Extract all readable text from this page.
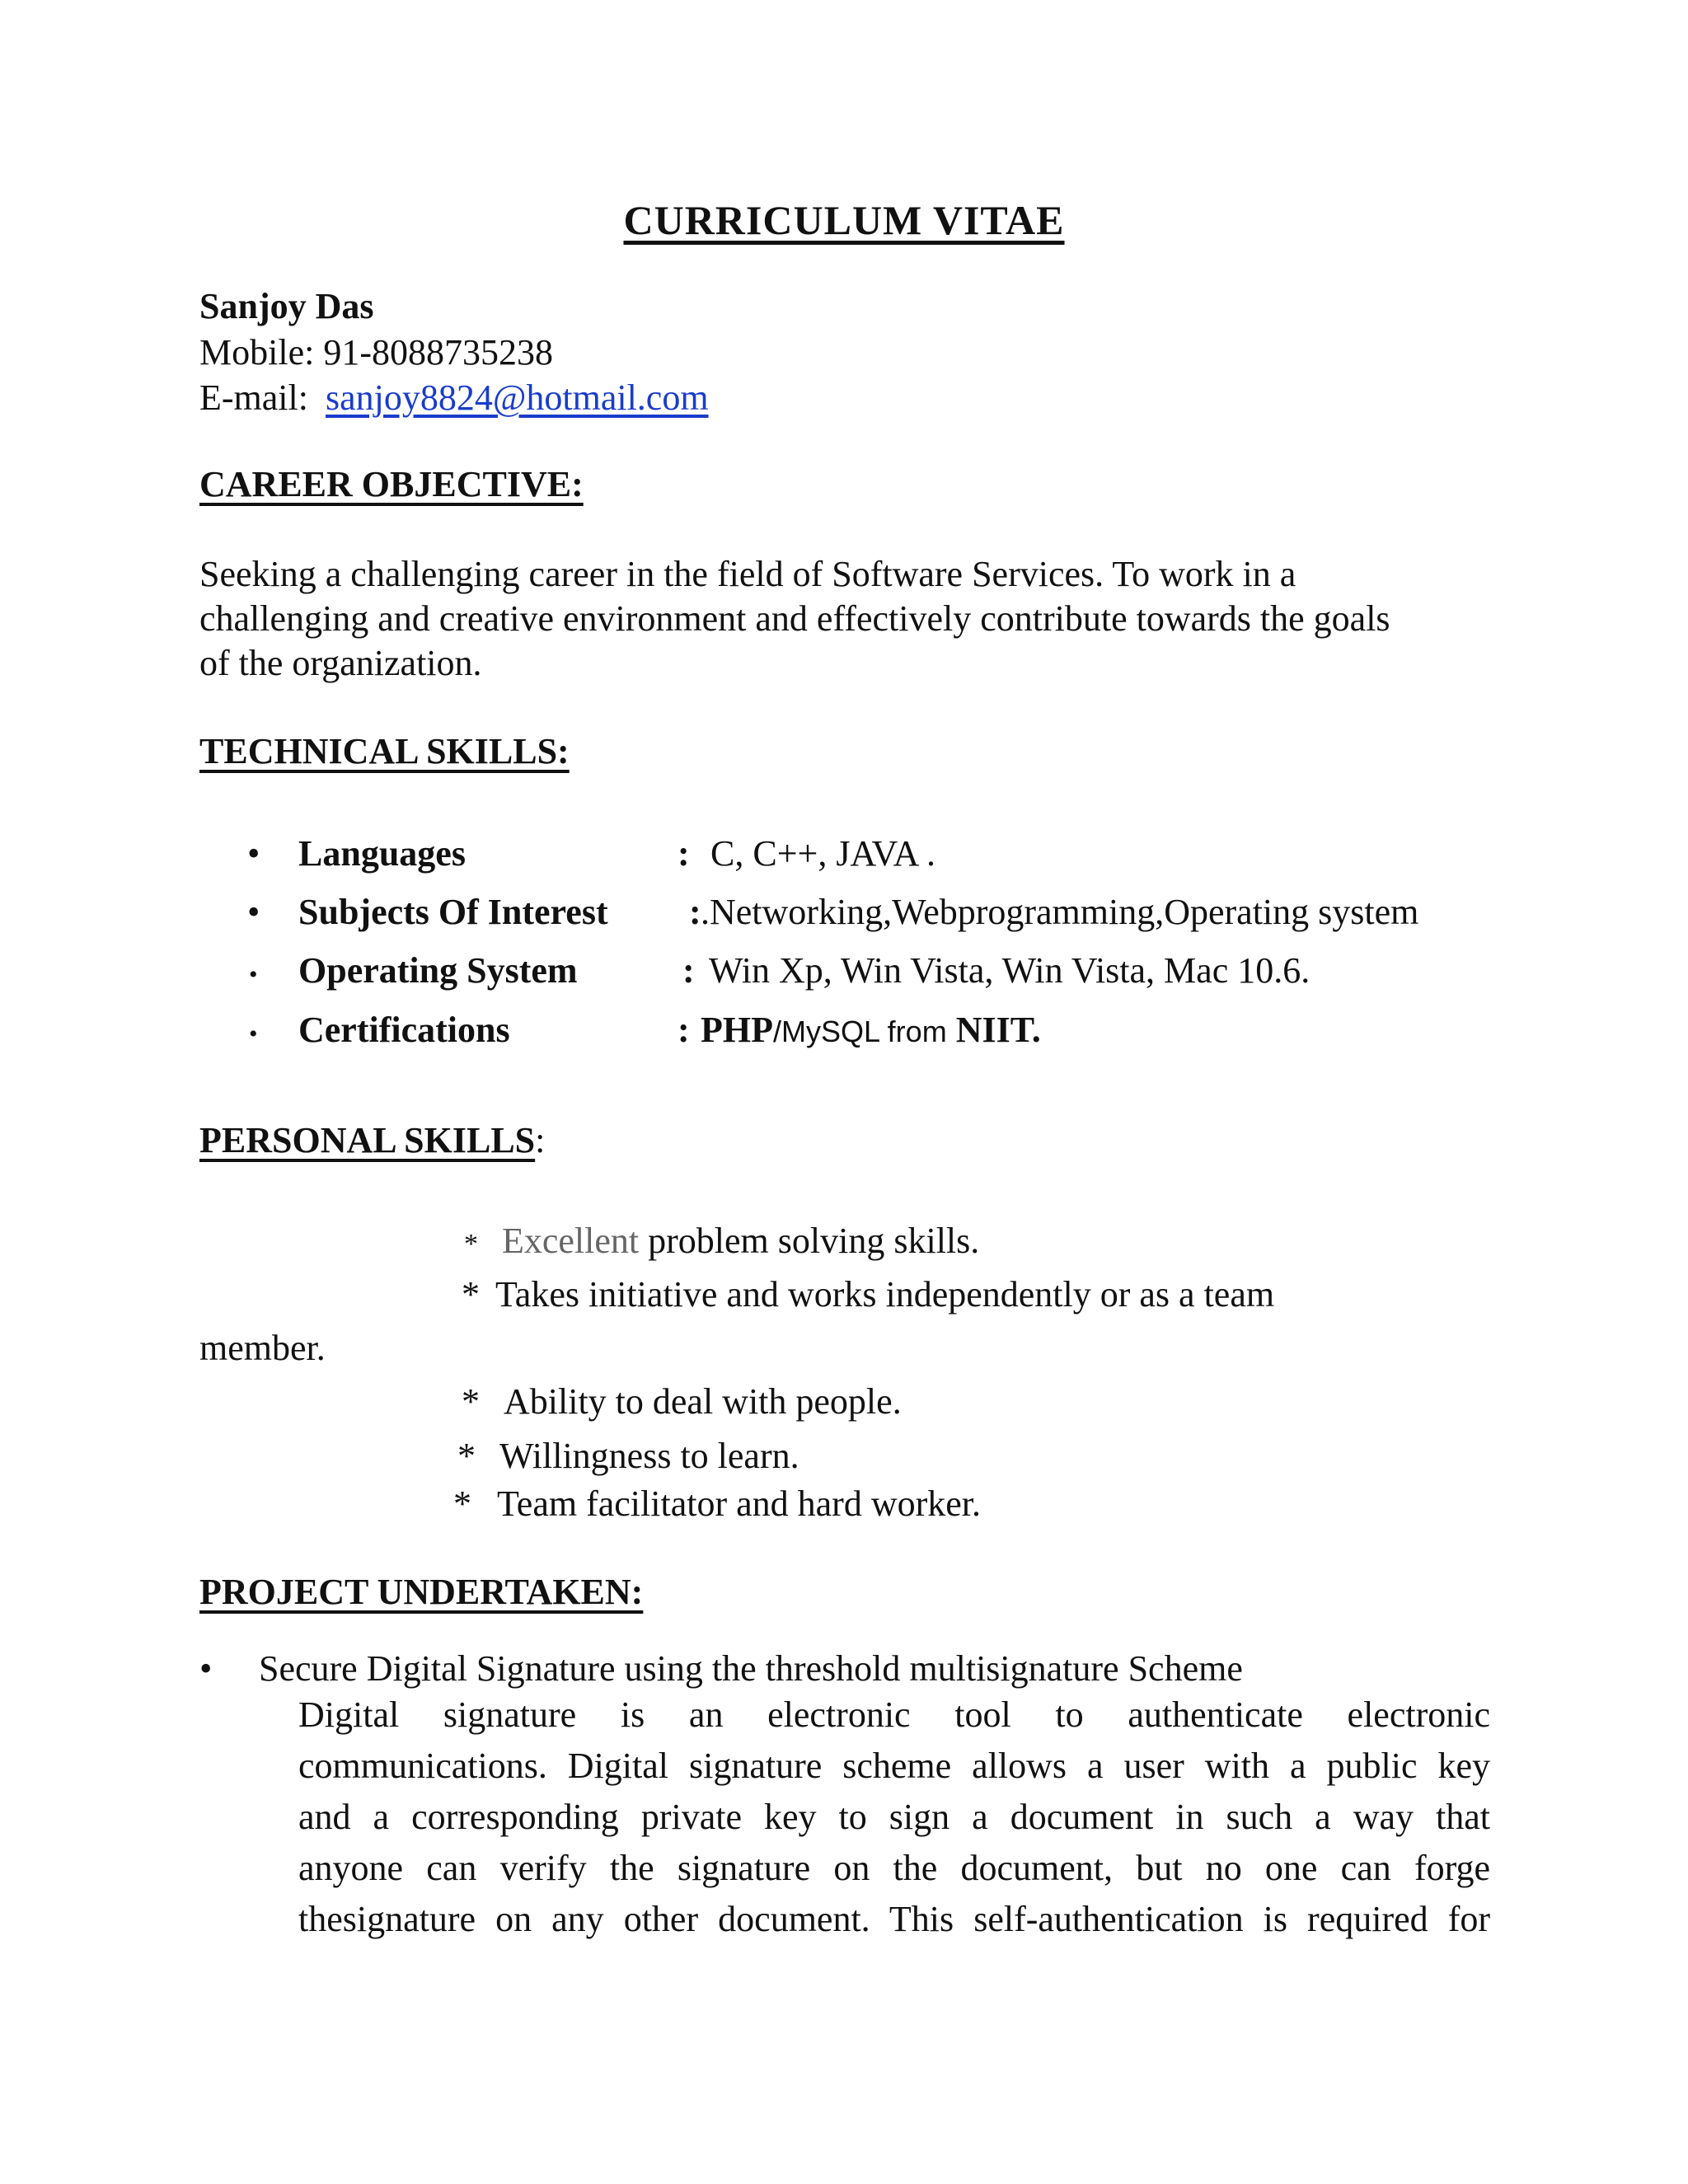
CURRICULUM VITAE
Sanjoy Das
Mobile: 91-8088735238
E-mail: sanjoy8824@hotmail.com
CAREER OBJECTIVE:
Seeking a challenging career in the field of Software Services. To work in a
challenging and creative environment and effectively contribute towards the goals
of the organization.
TECHNICAL SKILLS:
• Languages	: C, C++, JAVA .
• Subjects Of Interest : .Networking,Webprogramming,Operating system
• Operating System	: Win Xp, Win Vista, Win Vista, Mac 10.6.
• Certifications	: PHP/MySQL from NIIT.
PERSONAL SKILLS:
* Excellent problem solving skills.
* Takes initiative and works independently or as a team
member.
* Ability to deal with people.
* Willingness to learn.
* Team facilitator and hard worker.
PROJECT UNDERTAKEN:
• Secure Digital Signature using the threshold multisignature Scheme
Digital signature is an electronic tool to authenticate electronic
communications. Digital signature scheme allows a user with a public key
and a corresponding private key to sign a document in such a way that
anyone can verify the signature on the document, but no one can forge
thesignature on any other document. This self-authentication is required for
